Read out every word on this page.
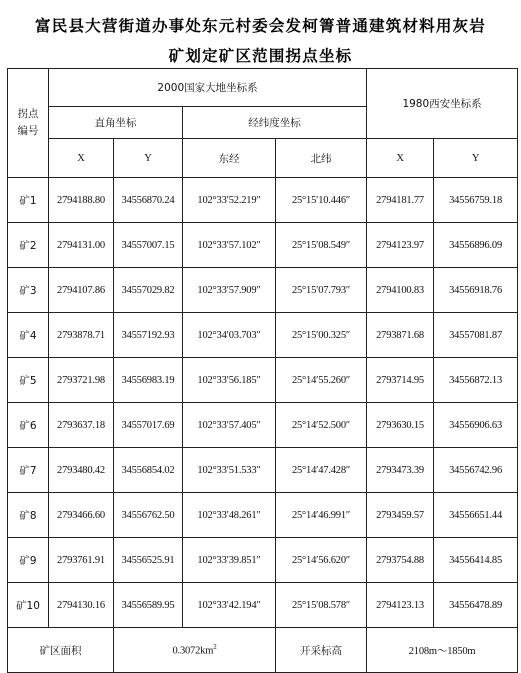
富民县大营街道办事处东元村委会发柯箐普通建筑材料用灰岩
矿划定矿区范围拐点坐标
拐点编号	2000国家大地坐标系				1980西安坐标系	
	直角坐标		经纬度坐标			
	X	Y	东经	北纬	X	Y
矿1	2794188.80	34556870.24	102°33′52.219″	25°15′10.446″	2794181.77	34556759.18
矿2	2794131.00	34557007.15	102°33′57.102″	25°15′08.549″	2794123.97	34556896.09
矿3	2794107.86	34557029.82	102°33′57.909″	25°15′07.793″	2794100.83	34556918.76
矿4	2793878.71	34557192.93	102°34′03.703″	25°15′00.325″	2793871.68	34557081.87
矿5	2793721.98	34556983.19	102°33′56.185″	25°14′55.260″	2793714.95	34556872.13
矿6	2793637.18	34557017.69	102°33′57.405″	25°14′52.500″	2793630.15	34556906.63
矿7	2793480.42	34556854.02	102°33′51.533″	25°14′47.428″	2793473.39	34556742.96
矿8	2793466.60	34556762.50	102°33′48.261″	25°14′46.991″	2793459.57	34556651.44
矿9	2793761.91	34556525.91	102°33′39.851″	25°14′56.620″	2793754.88	34556414.85
矿10	2794130.16	34556589.95	102°33′42.194″	25°15′08.578″	2794123.13	34556478.89
矿区面积		$0.3072km^2$		开采标高	2108m～1850m	
